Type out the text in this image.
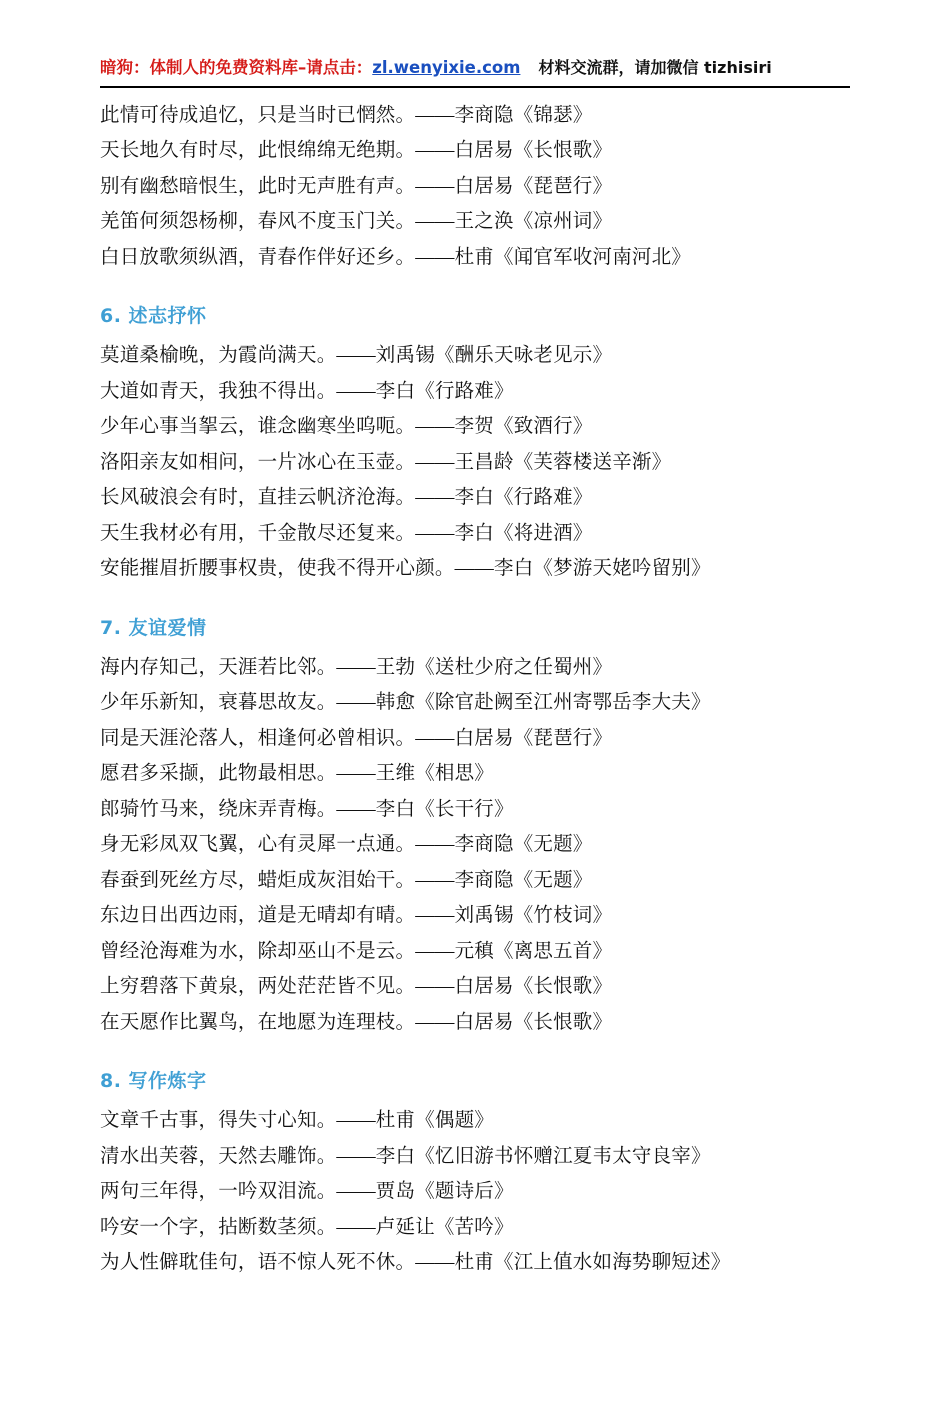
暗狗：体制人的免费资料库–请点击：zl.wenyixie.com 材料交流群，请加微信 tizhisiri

此情可待成追忆，只是当时已惘然。——李商隐《锦瑟》

天长地久有时尽，此恨绵绵无绝期。——白居易《长恨歌》

别有幽愁暗恨生，此时无声胜有声。——白居易《琵琶行》

羌笛何须怨杨柳，春风不度玉门关。——王之涣《凉州词》

白日放歌须纵酒，青春作伴好还乡。——杜甫《闻官军收河南河北》

6. 述志抒怀

莫道桑榆晚，为霞尚满天。——刘禹锡《酬乐天咏老见示》

大道如青天，我独不得出。——李白《行路难》

少年心事当挐云，谁念幽寒坐呜呃。——李贺《致酒行》

洛阳亲友如相问，一片冰心在玉壶。——王昌龄《芙蓉楼送辛渐》

长风破浪会有时，直挂云帆济沧海。——李白《行路难》

天生我材必有用，千金散尽还复来。——李白《将进酒》

安能摧眉折腰事权贵，使我不得开心颜。——李白《梦游天姥吟留别》

7. 友谊爱情

海内存知己，天涯若比邻。——王勃《送杜少府之任蜀州》

少年乐新知，衰暮思故友。——韩愈《除官赴阙至江州寄鄂岳李大夫》

同是天涯沦落人，相逢何必曾相识。——白居易《琵琶行》

愿君多采撷，此物最相思。——王维《相思》

郎骑竹马来，绕床弄青梅。——李白《长干行》

身无彩凤双飞翼，心有灵犀一点通。——李商隐《无题》

春蚕到死丝方尽，蜡炬成灰泪始干。——李商隐《无题》

东边日出西边雨，道是无晴却有晴。——刘禹锡《竹枝词》

曾经沧海难为水，除却巫山不是云。——元稹《离思五首》

上穷碧落下黄泉，两处茫茫皆不见。——白居易《长恨歌》

在天愿作比翼鸟，在地愿为连理枝。——白居易《长恨歌》

8. 写作炼字

文章千古事，得失寸心知。——杜甫《偶题》

清水出芙蓉，天然去雕饰。——李白《忆旧游书怀赠江夏韦太守良宰》

两句三年得，一吟双泪流。——贾岛《题诗后》

吟安一个字，拈断数茎须。——卢延让《苦吟》

为人性僻耽佳句，语不惊人死不休。——杜甫《江上值水如海势聊短述》
